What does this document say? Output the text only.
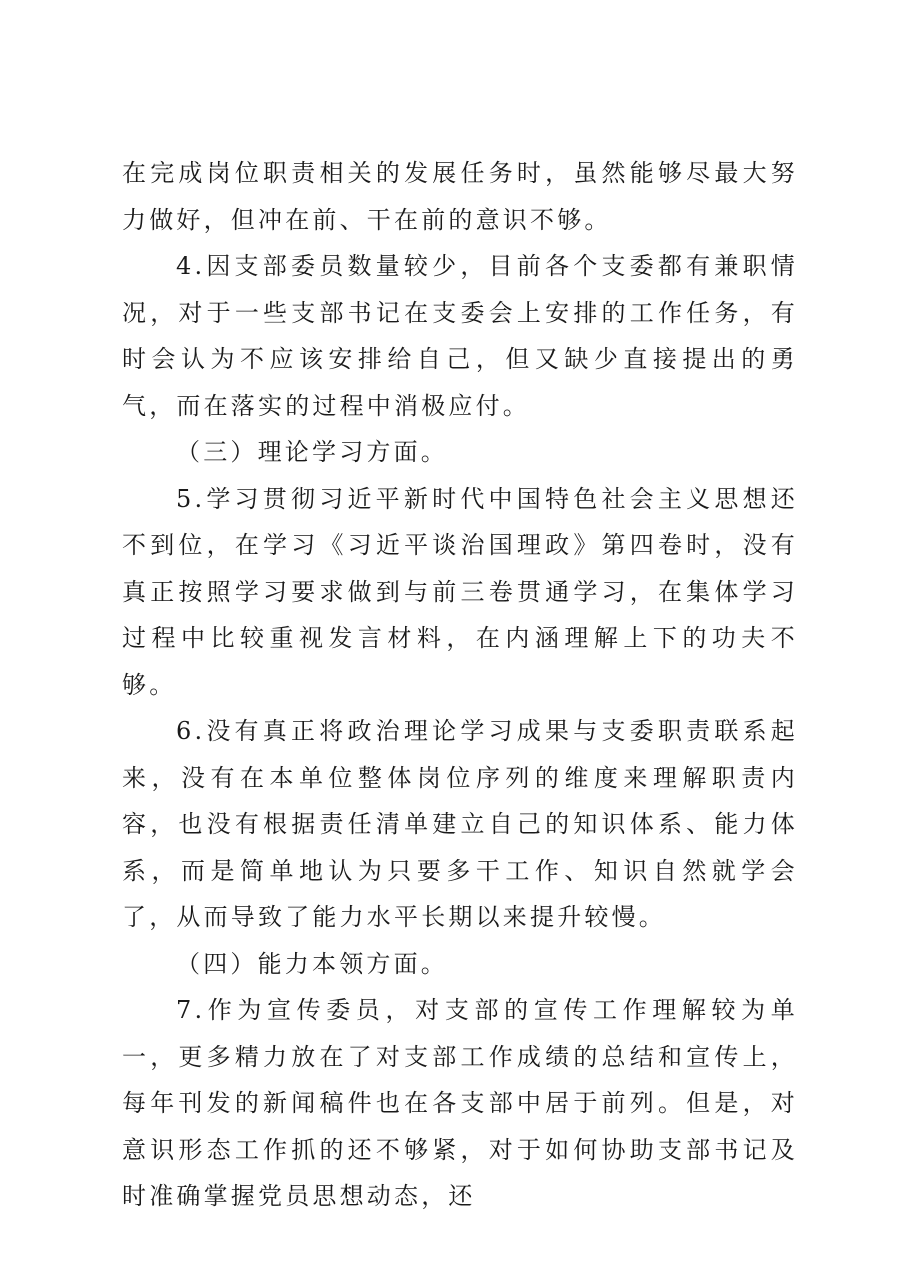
在完成岗位职责相关的发展任务时，虽然能够尽最大努力做好，但冲在前、干在前的意识不够。

4.因支部委员数量较少，目前各个支委都有兼职情况，对于一些支部书记在支委会上安排的工作任务，有时会认为不应该安排给自己，但又缺少直接提出的勇气，而在落实的过程中消极应付。

（三）理论学习方面。

5.学习贯彻习近平新时代中国特色社会主义思想还不到位，在学习《习近平谈治国理政》第四卷时，没有真正按照学习要求做到与前三卷贯通学习，在集体学习过程中比较重视发言材料，在内涵理解上下的功夫不够。

6.没有真正将政治理论学习成果与支委职责联系起来，没有在本单位整体岗位序列的维度来理解职责内容，也没有根据责任清单建立自己的知识体系、能力体系，而是简单地认为只要多干工作、知识自然就学会了，从而导致了能力水平长期以来提升较慢。

（四）能力本领方面。

7.作为宣传委员，对支部的宣传工作理解较为单一，更多精力放在了对支部工作成绩的总结和宣传上，每年刊发的新闻稿件也在各支部中居于前列。但是，对意识形态工作抓的还不够紧，对于如何协助支部书记及时准确掌握党员思想动态，还
